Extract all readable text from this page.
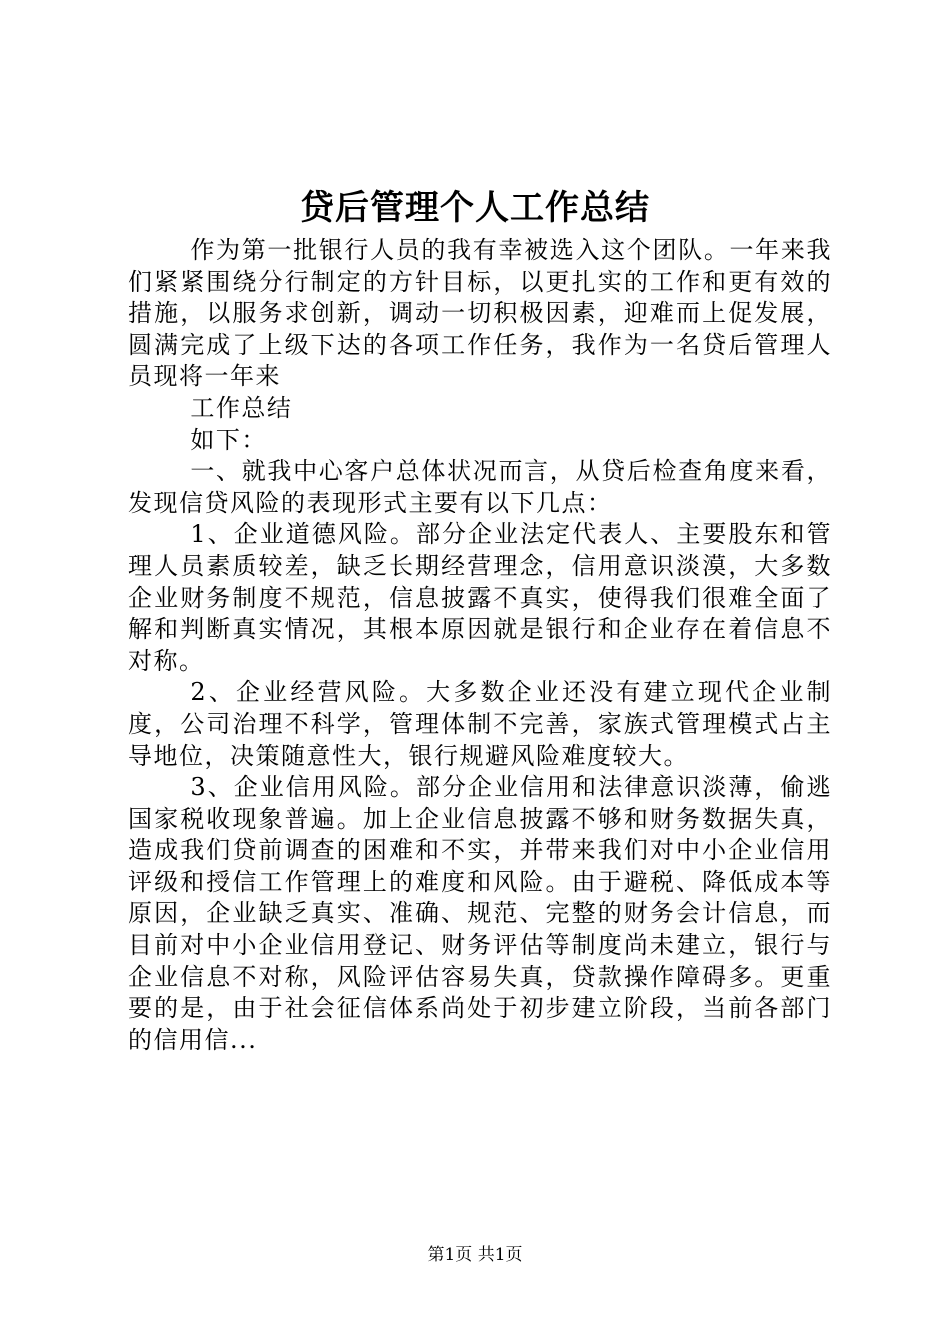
贷后管理个人工作总结

作为第一批银行人员的我有幸被选入这个团队。一年来我们紧紧围绕分行制定的方针目标，以更扎实的工作和更有效的措施，以服务求创新，调动一切积极因素，迎难而上促发展，圆满完成了上级下达的各项工作任务，我作为一名贷后管理人员现将一年来

工作总结

如下：

一、就我中心客户总体状况而言，从贷后检查角度来看，发现信贷风险的表现形式主要有以下几点：

1、企业道德风险。部分企业法定代表人、主要股东和管理人员素质较差，缺乏长期经营理念，信用意识淡漠，大多数企业财务制度不规范，信息披露不真实，使得我们很难全面了解和判断真实情况，其根本原因就是银行和企业存在着信息不对称。

2、企业经营风险。大多数企业还没有建立现代企业制度，公司治理不科学，管理体制不完善，家族式管理模式占主导地位，决策随意性大，银行规避风险难度较大。

3、企业信用风险。部分企业信用和法律意识淡薄，偷逃国家税收现象普遍。加上企业信息披露不够和财务数据失真，造成我们贷前调查的困难和不实，并带来我们对中小企业信用评级和授信工作管理上的难度和风险。由于避税、降低成本等原因，企业缺乏真实、准确、规范、完整的财务会计信息，而目前对中小企业信用登记、财务评估等制度尚未建立，银行与企业信息不对称，风险评估容易失真，贷款操作障碍多。更重要的是，由于社会征信体系尚处于初步建立阶段，当前各部门的信用信...

第1页 共1页
